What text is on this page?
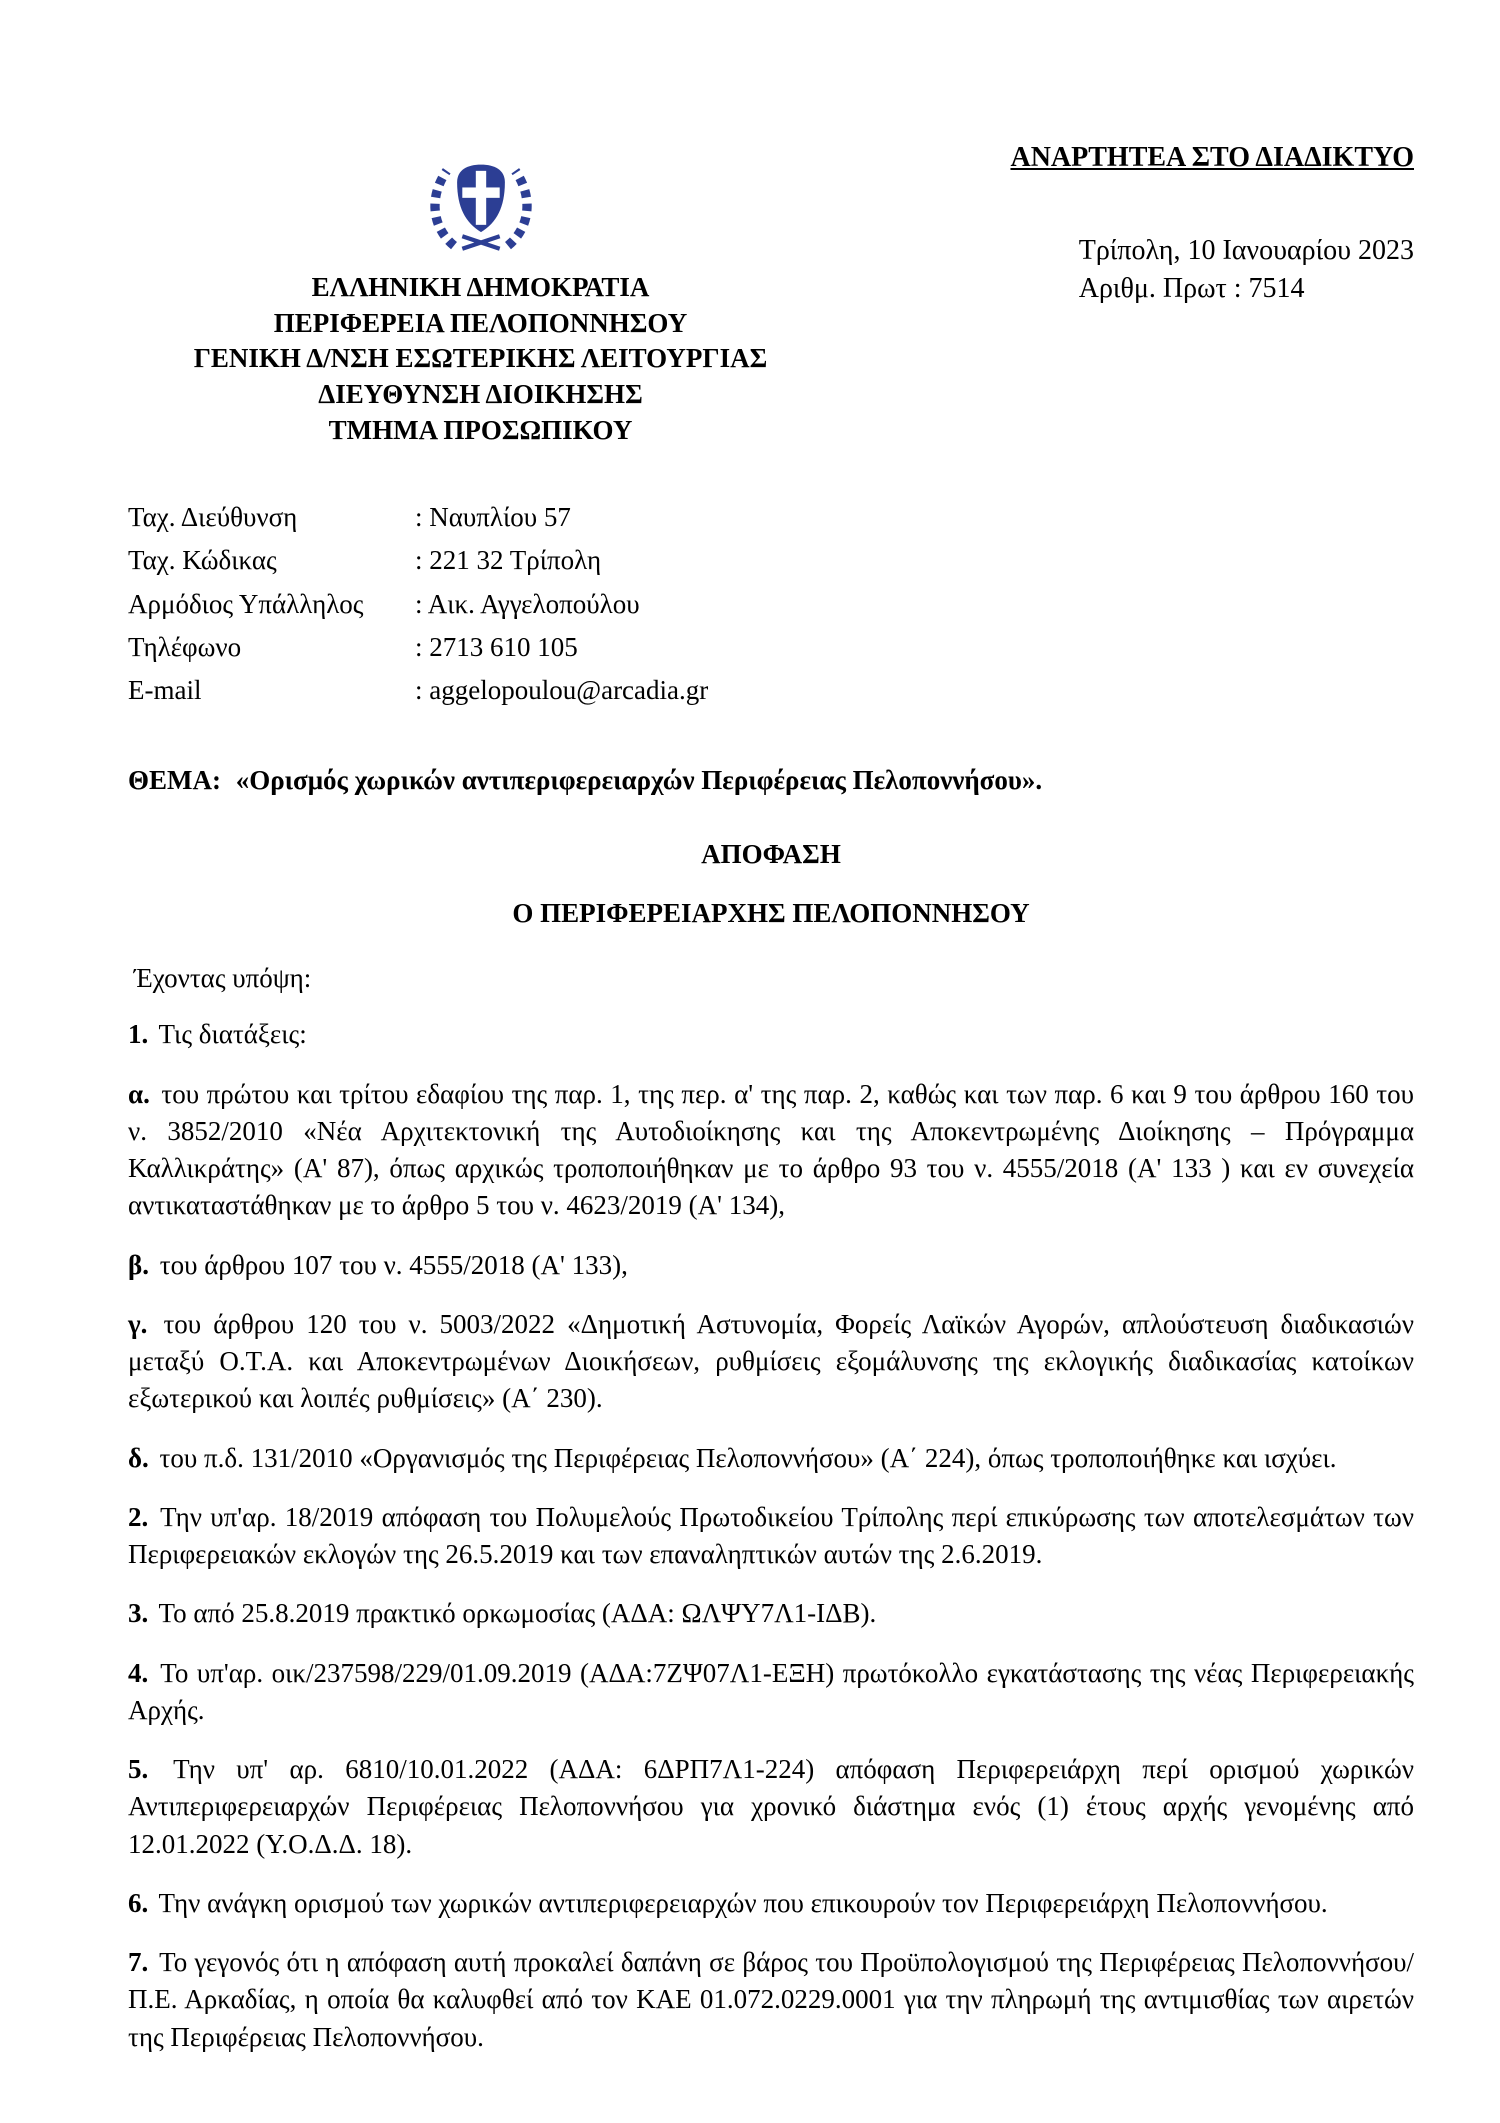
ΕΛΛΗΝΙΚΗ ΔΗΜΟΚΡΑΤΙΑ
ΠΕΡΙΦΕΡΕΙΑ ΠΕΛΟΠΟΝΝΗΣΟΥ
ΓΕΝΙΚΗ Δ/ΝΣΗ ΕΣΩΤΕΡΙΚΗΣ ΛΕΙΤΟΥΡΓΙΑΣ
ΔΙΕΥΘΥΝΣΗ ΔΙΟΙΚΗΣΗΣ
ΤΜΗΜΑ ΠΡΟΣΩΠΙΚΟΥ
ΑΝΑΡΤΗΤΕΑ ΣΤΟ ΔΙΑΔΙΚΤΥΟ
Τρίπολη, 10 Ιανουαρίου 2023
Αριθμ. Πρωτ : 7514
Ταχ. Διεύθυνση	: Ναυπλίου 57
Ταχ. Κώδικας	: 221 32 Τρίπολη
Αρμόδιος Υπάλληλος	: Αικ. Αγγελοπούλου
Τηλέφωνο	: 2713 610 105
E-mail	: aggelopoulou@arcadia.gr

ΘΕΜΑ: «Ορισμός χωρικών αντιπεριφερειαρχών Περιφέρειας Πελοποννήσου».

ΑΠΟΦΑΣΗ
Ο ΠΕΡΙΦΕΡΕΙΑΡΧΗΣ ΠΕΛΟΠΟΝΝΗΣΟΥ
Έχοντας υπόψη:

1. Τις διατάξεις:

α. του πρώτου και τρίτου εδαφίου της παρ. 1, της περ. α' της παρ. 2, καθώς και των παρ. 6 και 9 του άρθρου 160 του ν. 3852/2010 «Νέα Αρχιτεκτονική της Αυτοδιοίκησης και της Αποκεντρωμένης Διοίκησης – Πρόγραμμα Καλλικράτης» (Α' 87), όπως αρχικώς τροποποιήθηκαν με το άρθρο 93 του ν. 4555/2018 (Α' 133 ) και εν συνεχεία αντικαταστάθηκαν με το άρθρο 5 του ν. 4623/2019 (Α' 134),

β. του άρθρου 107 του ν. 4555/2018 (Α' 133),

γ. του άρθρου 120 του ν. 5003/2022 «Δημοτική Αστυνομία, Φορείς Λαϊκών Αγορών, απλούστευση διαδικασιών μεταξύ Ο.Τ.Α. και Αποκεντρωμένων Διοικήσεων, ρυθμίσεις εξομάλυνσης της εκλογικής διαδικασίας κατοίκων εξωτερικού και λοιπές ρυθμίσεις» (Α΄ 230).

δ. του π.δ. 131/2010 «Οργανισμός της Περιφέρειας Πελοποννήσου» (Α΄ 224), όπως τροποποιήθηκε και ισχύει.

2. Την υπ'αρ. 18/2019 απόφαση του Πολυμελούς Πρωτοδικείου Τρίπολης περί επικύρωσης των αποτελεσμάτων των Περιφερειακών εκλογών της 26.5.2019 και των επαναληπτικών αυτών της 2.6.2019.

3. Το από 25.8.2019 πρακτικό ορκωμοσίας (ΑΔΑ: ΩΛΨΥ7Λ1-ΙΔΒ).

4. Το υπ'αρ. οικ/237598/229/01.09.2019 (ΑΔΑ:7ΖΨ07Λ1-ΕΞΗ) πρωτόκολλο εγκατάστασης της νέας Περιφερειακής Αρχής.

5. Την υπ' αρ. 6810/10.01.2022 (ΑΔΑ: 6ΔΡΠ7Λ1-224) απόφαση Περιφερειάρχη περί ορισμού χωρικών Αντιπεριφερειαρχών Περιφέρειας Πελοποννήσου για χρονικό διάστημα ενός (1) έτους αρχής γενομένης από 12.01.2022 (Υ.Ο.Δ.Δ. 18).

6. Την ανάγκη ορισμού των χωρικών αντιπεριφερειαρχών που επικουρούν τον Περιφερειάρχη Πελοποννήσου.

7. Το γεγονός ότι η απόφαση αυτή προκαλεί δαπάνη σε βάρος του Προϋπολογισμού της Περιφέρειας Πελοποννήσου/Π.Ε. Αρκαδίας, η οποία θα καλυφθεί από τον ΚΑΕ 01.072.0229.0001 για την πληρωμή της αντιμισθίας των αιρετών της Περιφέρειας Πελοποννήσου.
